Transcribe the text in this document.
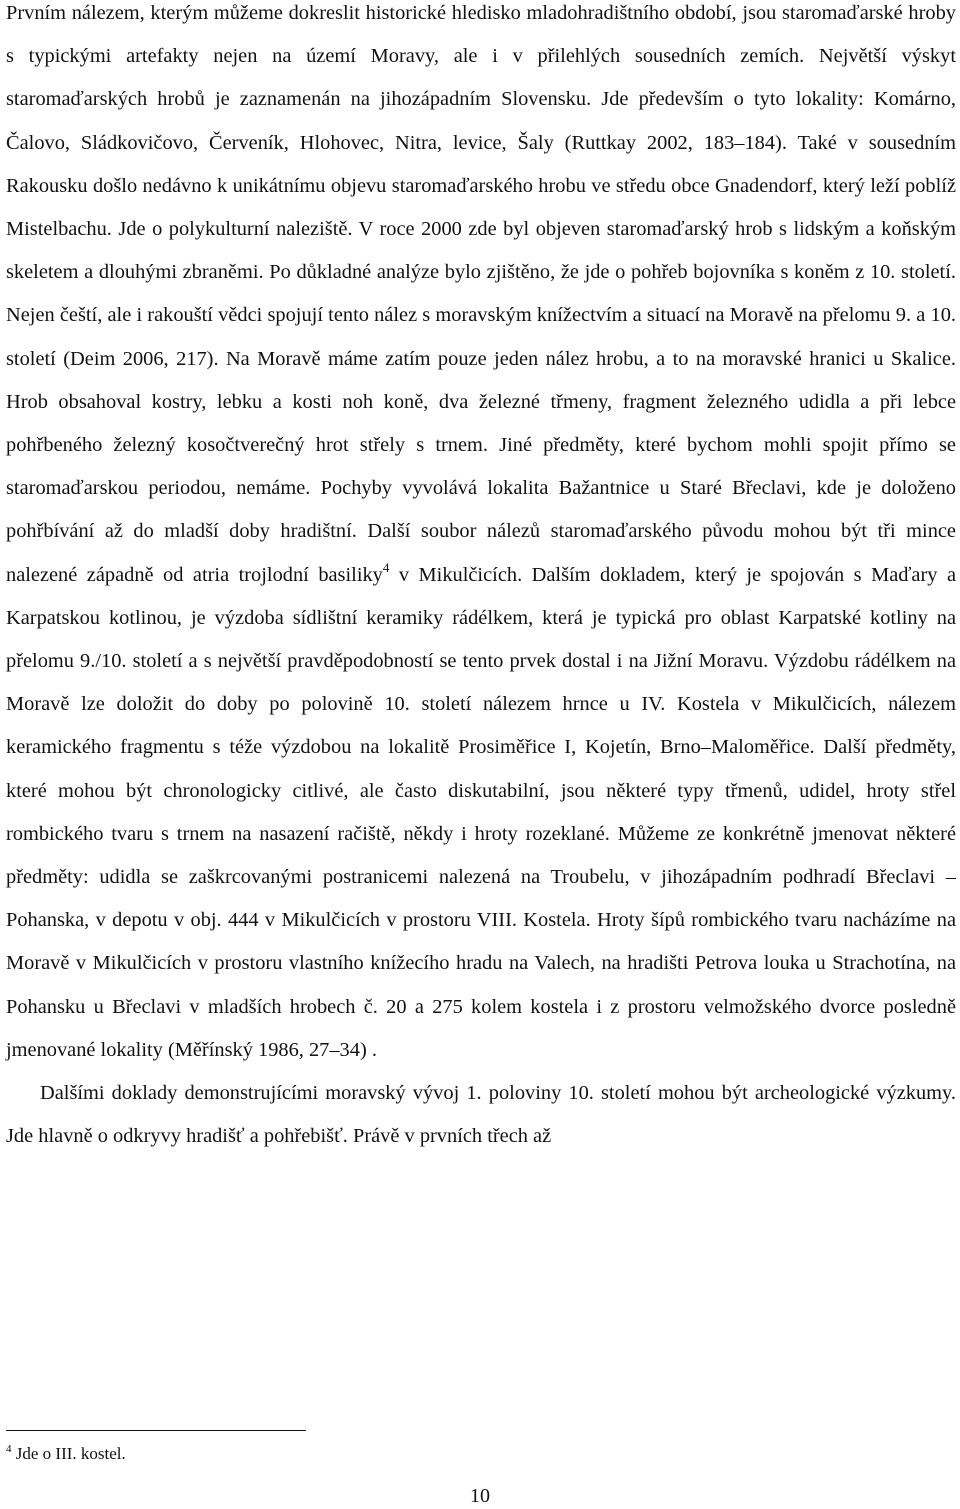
Prvním nálezem, kterým můžeme dokreslit historické hledisko mladohradištního období, jsou staromaďarské hroby s typickými artefakty nejen na území Moravy, ale i v přilehlých sousedních zemích. Největší výskyt staromaďarských hrobů je zaznamenán na jihozápadním Slovensku. Jde především o tyto lokality: Komárno, Čalovo, Sládkovičovo, Červeník, Hlohovec, Nitra, levice, Šaly (Ruttkay 2002, 183–184). Také v sousedním Rakousku došlo nedávno k unikátnímu objevu staromaďarského hrobu ve středu obce Gnadendorf, který leží poblíž Mistelbachu. Jde o polykulturní naleziště. V roce 2000 zde byl objeven staromaďarský hrob s lidským a koňským skeletem a dlouhými zbraněmi. Po důkladné analýze bylo zjištěno, že jde o pohřeb bojovníka s koněm z 10. století. Nejen čeští, ale i rakouští vědci spojují tento nález s moravským knížectvím a situací na Moravě na přelomu 9. a 10. století (Deim 2006, 217). Na Moravě máme zatím pouze jeden nález hrobu, a to na moravské hranici u Skalice. Hrob obsahoval kostry, lebku a kosti noh koně, dva železné třmeny, fragment železného udidla a při lebce pohřbeného železný kosočtverečný hrot střely s trnem. Jiné předměty, které bychom mohli spojit přímo se staromaďarskou periodou, nemáme. Pochyby vyvolává lokalita Bažantnice u Staré Břeclavi, kde je doloženo pohřbívání až do mladší doby hradištní. Další soubor nálezů staromaďarského původu mohou být tři mince nalezené západně od atria trojlodní basiliky$^4$ v Mikulčicích. Dalším dokladem, který je spojován s Maďary a Karpatskou kotlinou, je výzdoba sídlištní keramiky rádélkem, která je typická pro oblast Karpatské kotliny na přelomu 9./10. století a s největší pravděpodobností se tento prvek dostal i na Jižní Moravu. Výzdobu rádélkem na Moravě lze doložit do doby po polovině 10. století nálezem hrnce u IV. Kostela v Mikulčicích, nálezem keramického fragmentu s téže výzdobou na lokalitě Prosiměřice I, Kojetín, Brno–Maloměřice. Další předměty, které mohou být chronologicky citlivé, ale často diskutabilní, jsou některé typy třmenů, udidel, hroty střel rombického tvaru s trnem na nasazení račiště, někdy i hroty rozeklané. Můžeme ze konkrétně jmenovat některé předměty: udidla se zaškrcovanými postranicemi nalezená na Troubelu, v jihozápadním podhradí Břeclavi – Pohanska, v depotu v obj. 444 v Mikulčicích v prostoru VIII. Kostela. Hroty šípů rombického tvaru nacházíme na Moravě v Mikulčicích v prostoru vlastního knížecího hradu na Valech, na hradišti Petrova louka u Strachotína, na Pohansku u Břeclavi v mladších hrobech č. 20 a 275 kolem kostela i z prostoru velmožského dvorce posledně jmenované lokality (Měřínský 1986, 27–34) .

Dalšími doklady demonstrujícími moravský vývoj 1. poloviny 10. století mohou být archeologické výzkumy. Jde hlavně o odkryvy hradišť a pohřebišť. Právě v prvních třech až

$^4$ Jde o III. kostel.
10
